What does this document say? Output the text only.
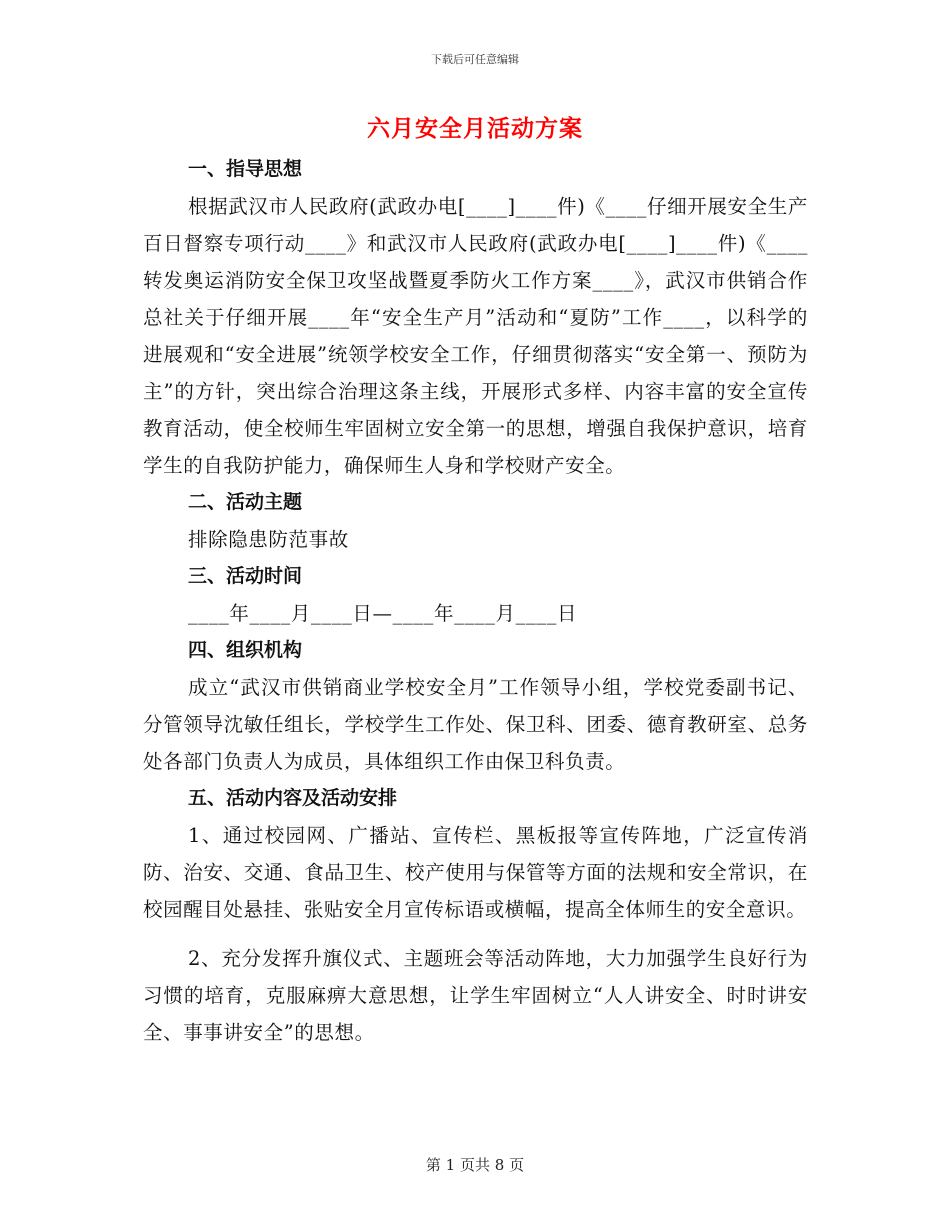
下载后可任意编辑
六月安全月活动方案

一、指导思想

根据武汉市人民政府(武政办电[____]____件)《____仔细开展安全生产百日督察专项行动____》和武汉市人民政府(武政办电[____]____件)《____转发奥运消防安全保卫攻坚战暨夏季防火工作方案____》，武汉市供销合作总社关于仔细开展____年“安全生产月”活动和“夏防”工作____，以科学的进展观和“安全进展”统领学校安全工作，仔细贯彻落实“安全第一、预防为主”的方针，突出综合治理这条主线，开展形式多样、内容丰富的安全宣传教育活动，使全校师生牢固树立安全第一的思想，增强自我保护意识，培育学生的自我防护能力，确保师生人身和学校财产安全。

二、活动主题

排除隐患防范事故

三、活动时间

____年____月____日—____年____月____日

四、组织机构

成立“武汉市供销商业学校安全月”工作领导小组，学校党委副书记、分管领导沈敏任组长，学校学生工作处、保卫科、团委、德育教研室、总务处各部门负责人为成员，具体组织工作由保卫科负责。

五、活动内容及活动安排

1、通过校园网、广播站、宣传栏、黑板报等宣传阵地，广泛宣传消防、治安、交通、食品卫生、校产使用与保管等方面的法规和安全常识，在校园醒目处悬挂、张贴安全月宣传标语或横幅，提高全体师生的安全意识。

2、充分发挥升旗仪式、主题班会等活动阵地，大力加强学生良好行为习惯的培育，克服麻痹大意思想，让学生牢固树立“人人讲安全、时时讲安全、事事讲安全”的思想。

第 1 页共 8 页
